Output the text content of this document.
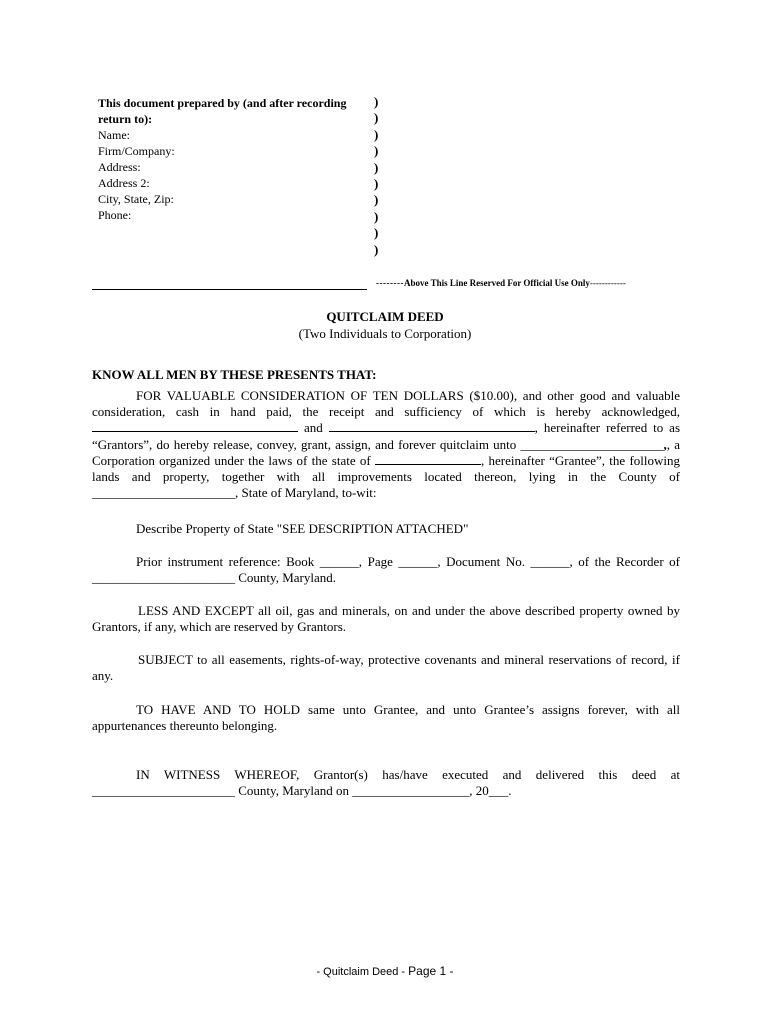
This document prepared by (and after recording return to):
Name:
Firm/Company:
Address:
Address 2:
City, State, Zip:
Phone:
)
)
)
)
)
)
)
)
)
)
--------Above This Line Reserved For Official Use Only------------
QUITCLAIM DEED
(Two Individuals to Corporation)
KNOW ALL MEN BY THESE PRESENTS THAT:

FOR VALUABLE CONSIDERATION OF TEN DOLLARS ($10.00), and other good and valuable consideration, cash in hand paid, the receipt and sufficiency of which is hereby acknowledged,  and	, hereinafter referred to as “Grantors”, do hereby release, convey, grant, assign, and forever quitclaim unto ______________________,, a Corporation organized under the laws of the state of	, hereinafter “Grantee”, the following lands and property, together with all improvements located thereon, lying in the County of ______________________, State of Maryland, to-wit:

Describe Property of State "SEE DESCRIPTION ATTACHED"

Prior instrument reference: Book ______, Page ______, Document No. ______, of the Recorder of

______________________ County, Maryland.

LESS AND EXCEPT all oil, gas and minerals, on and under the above described property owned by Grantors, if any, which are reserved by Grantors.

SUBJECT to all easements, rights-of-way, protective covenants and mineral reservations of record, if any.

TO HAVE AND TO HOLD same unto Grantee, and unto Grantee’s assigns forever, with all appurtenances thereunto belonging.

IN WITNESS WHEREOF, Grantor(s) has/have executed and delivered this deed at

______________________ County, Maryland on __________________, 20___.

- Quitclaim Deed - Page 1 -
